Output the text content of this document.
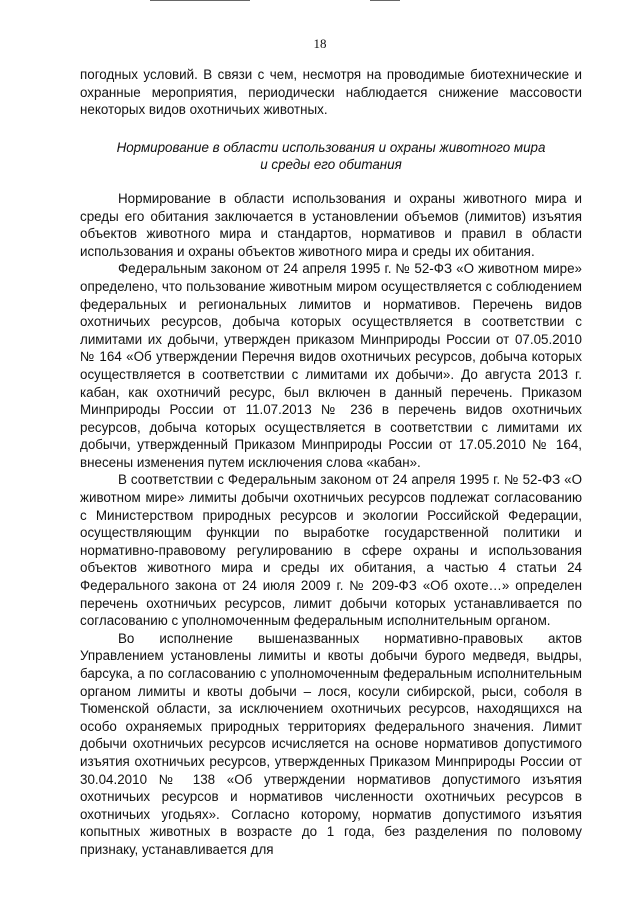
18

погодных условий. В связи с чем, несмотря на проводимые биотехнические и охранные мероприятия, периодически наблюдается снижение массовости некоторых видов охотничьих животных.

Нормирование в области использования и охраны животного мира
и среды его обитания

Нормирование в области использования и охраны животного мира и среды его обитания заключается в установлении объемов (лимитов) изъятия объектов животного мира и стандартов, нормативов и правил в области использования и охраны объектов животного мира и среды их обитания.

Федеральным законом от 24 апреля 1995 г. № 52-ФЗ «О животном мире» определено, что пользование животным миром осуществляется с соблюдением федеральных и региональных лимитов и нормативов. Перечень видов охотничьих ресурсов, добыча которых осуществляется в соответствии с лимитами их добычи, утвержден приказом Минприроды России от 07.05.2010 № 164 «Об утверждении Перечня видов охотничьих ресурсов, добыча которых осуществляется в соответствии с лимитами их добычи». До августа 2013 г. кабан, как охотничий ресурс, был включен в данный перечень. Приказом Минприроды России от 11.07.2013 № 236 в перечень видов охотничьих ресурсов, добыча которых осуществляется в соответствии с лимитами их добычи, утвержденный Приказом Минприроды России от 17.05.2010 № 164, внесены изменения путем исключения слова «кабан».

В соответствии с Федеральным законом от 24 апреля 1995 г. № 52-ФЗ «О животном мире» лимиты добычи охотничьих ресурсов подлежат согласованию с Министерством природных ресурсов и экологии Российской Федерации, осуществляющим функции по выработке государственной политики и нормативно-правовому регулированию в сфере охраны и использования объектов животного мира и среды их обитания, а частью 4 статьи 24 Федерального закона от 24 июля 2009 г. № 209-ФЗ «Об охоте…» определен перечень охотничьих ресурсов, лимит добычи которых устанавливается по согласованию с уполномоченным федеральным исполнительным органом.

Во исполнение вышеназванных нормативно-правовых актов Управлением установлены лимиты и квоты добычи бурого медведя, выдры, барсука, а по согласованию с уполномоченным федеральным исполнительным органом лимиты и квоты добычи – лося, косули сибирской, рыси, соболя в Тюменской области, за исключением охотничьих ресурсов, находящихся на особо охраняемых природных территориях федерального значения. Лимит добычи охотничьих ресурсов исчисляется на основе нормативов допустимого изъятия охотничьих ресурсов, утвержденных Приказом Минприроды России от 30.04.2010 № 138 «Об утверждении нормативов допустимого изъятия охотничьих ресурсов и нормативов численности охотничьих ресурсов в охотничьих угодьях». Согласно которому, норматив допустимого изъятия копытных животных в возрасте до 1 года, без разделения по половому признаку, устанавливается для
